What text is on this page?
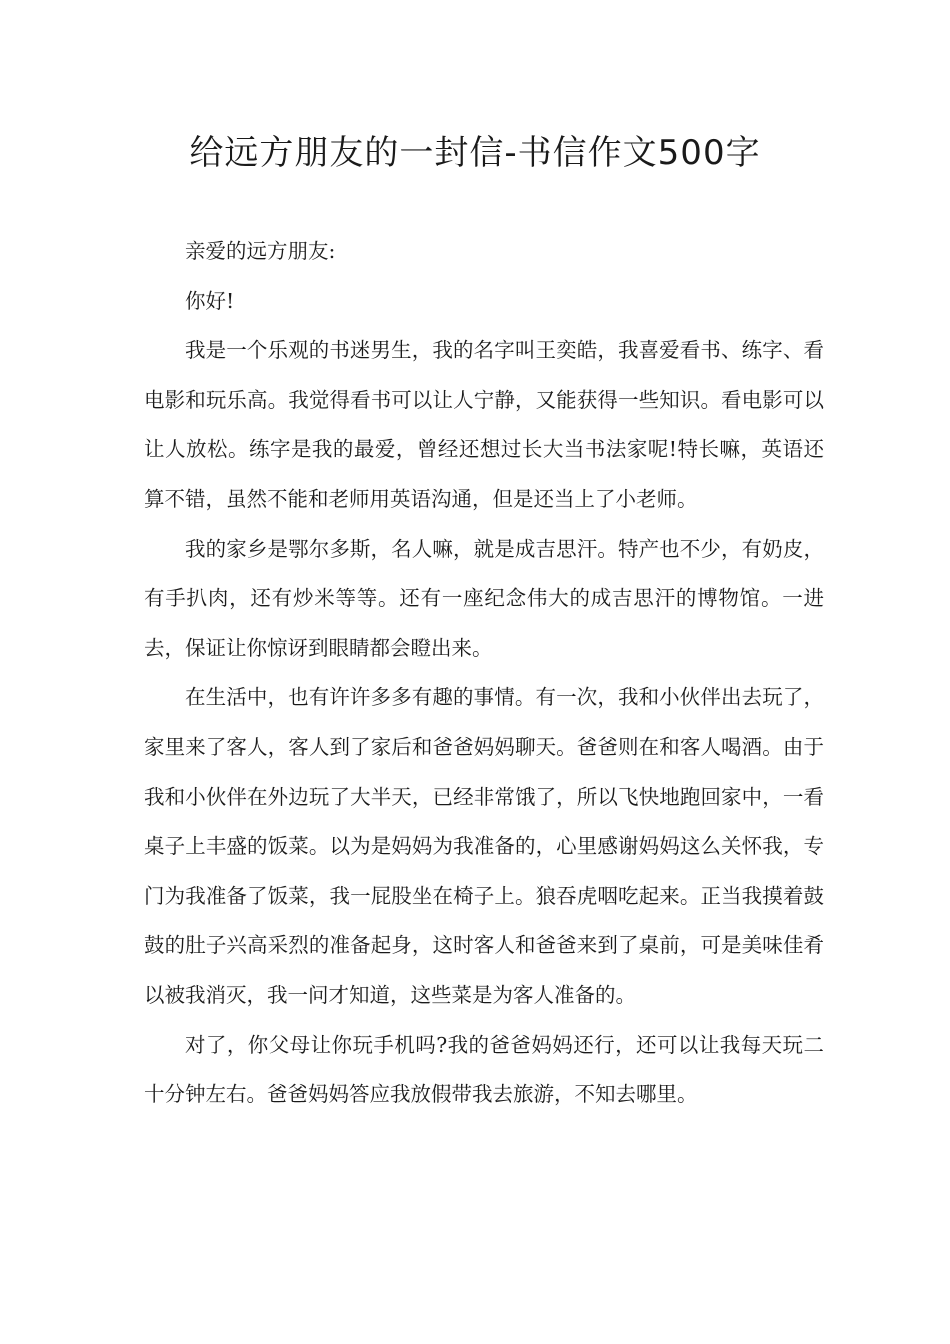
给远方朋友的一封信-书信作文500字

亲爱的远方朋友:

你好!

我是一个乐观的书迷男生，我的名字叫王奕皓，我喜爱看书、练字、看电影和玩乐高。我觉得看书可以让人宁静，又能获得一些知识。看电影可以让人放松。练字是我的最爱，曾经还想过长大当书法家呢!特长嘛，英语还算不错，虽然不能和老师用英语沟通，但是还当上了小老师。

我的家乡是鄂尔多斯，名人嘛，就是成吉思汗。特产也不少，有奶皮，有手扒肉，还有炒米等等。还有一座纪念伟大的成吉思汗的博物馆。一进去，保证让你惊讶到眼睛都会瞪出来。

在生活中，也有许许多多有趣的事情。有一次，我和小伙伴出去玩了，家里来了客人，客人到了家后和爸爸妈妈聊天。爸爸则在和客人喝酒。由于我和小伙伴在外边玩了大半天，已经非常饿了，所以飞快地跑回家中，一看桌子上丰盛的饭菜。以为是妈妈为我准备的，心里感谢妈妈这么关怀我，专门为我准备了饭菜，我一屁股坐在椅子上。狼吞虎咽吃起来。正当我摸着鼓鼓的肚子兴高采烈的准备起身，这时客人和爸爸来到了桌前，可是美味佳肴以被我消灭，我一问才知道，这些菜是为客人准备的。

对了，你父母让你玩手机吗?我的爸爸妈妈还行，还可以让我每天玩二十分钟左右。爸爸妈妈答应我放假带我去旅游，不知去哪里。
